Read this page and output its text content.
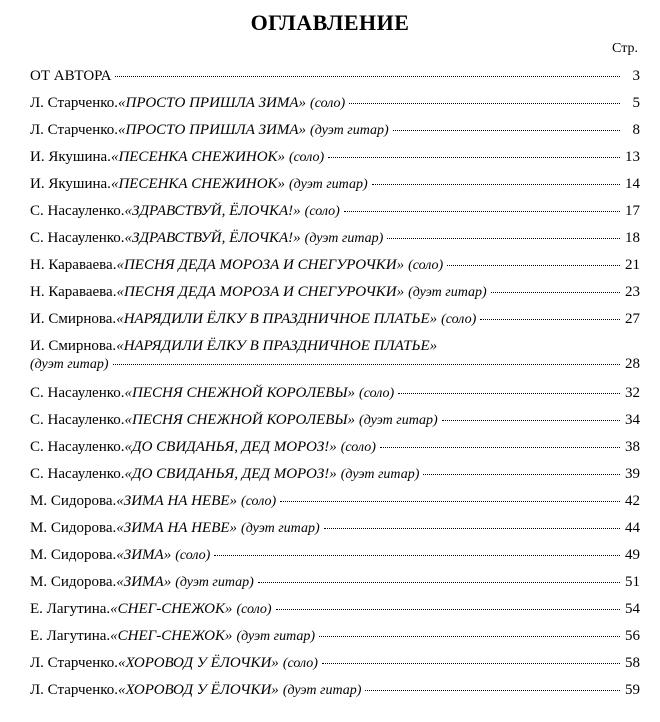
ОГЛАВЛЕНИЕ
Стр.
ОТ АВТОРА	3
Л. Старченко. «ПРОСТО ПРИШЛА ЗИМА» (соло)	5
Л. Старченко. «ПРОСТО ПРИШЛА ЗИМА» (дуэт гитар)	8
И. Якушина. «ПЕСЕНКА СНЕЖИНОК» (соло)	13
И. Якушина. «ПЕСЕНКА СНЕЖИНОК» (дуэт гитар)	14
С. Насауленко. «ЗДРАВСТВУЙ, ЁЛОЧКА!» (соло)	17
С. Насауленко. «ЗДРАВСТВУЙ, ЁЛОЧКА!» (дуэт гитар)	18
Н. Караваева. «ПЕСНЯ ДЕДА МОРОЗА И СНЕГУРОЧКИ» (соло)	21
Н. Караваева. «ПЕСНЯ ДЕДА МОРОЗА И СНЕГУРОЧКИ» (дуэт гитар)	23
И. Смирнова. «НАРЯДИЛИ ЁЛКУ В ПРАЗДНИЧНОЕ ПЛАТЬЕ» (соло)	27
И. Смирнова. «НАРЯДИЛИ ЁЛКУ В ПРАЗДНИЧНОЕ ПЛАТЬЕ»
(дуэт гитар)	28
С. Насауленко. «ПЕСНЯ СНЕЖНОЙ КОРОЛЕВЫ» (соло)	32
С. Насауленко. «ПЕСНЯ СНЕЖНОЙ КОРОЛЕВЫ» (дуэт гитар)	34
С. Насауленко. «ДО СВИДАНЬЯ, ДЕД МОРОЗ!» (соло)	38
С. Насауленко. «ДО СВИДАНЬЯ, ДЕД МОРОЗ!» (дуэт гитар)	39
М. Сидорова. «ЗИМА НА НЕВЕ» (соло)	42
М. Сидорова. «ЗИМА НА НЕВЕ» (дуэт гитар)	44
М. Сидорова. «ЗИМА» (соло)	49
М. Сидорова. «ЗИМА» (дуэт гитар)	51
Е. Лагутина. «СНЕГ-СНЕЖОК» (соло)	54
Е. Лагутина. «СНЕГ-СНЕЖОК» (дуэт гитар)	56
Л. Старченко. «ХОРОВОД У ЁЛОЧКИ» (соло)	58
Л. Старченко. «ХОРОВОД У ЁЛОЧКИ» (дуэт гитар)	59
